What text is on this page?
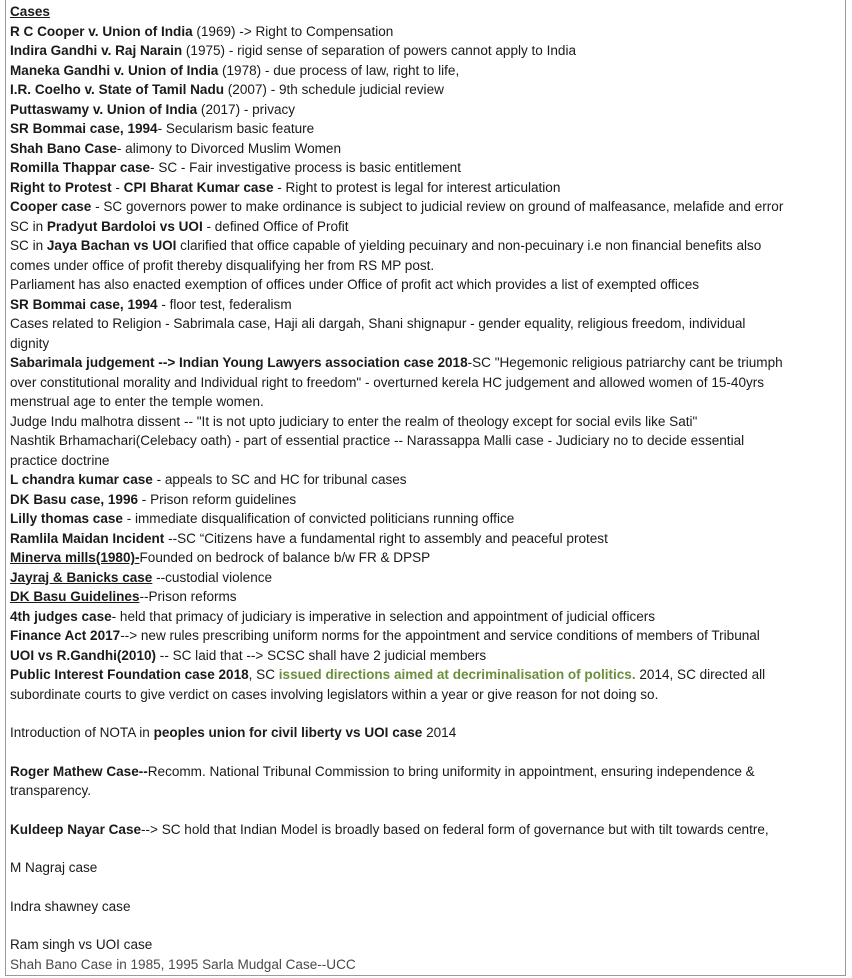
Cases
R C Cooper v. Union of India (1969) -> Right to Compensation
Indira Gandhi v. Raj Narain (1975) - rigid sense of separation of powers cannot apply to India
Maneka Gandhi v. Union of India (1978) - due process of law, right to life,
I.R. Coelho v. State of Tamil Nadu (2007) - 9th schedule judicial review
Puttaswamy v. Union of India (2017) - privacy
SR Bommai case, 1994- Secularism basic feature
Shah Bano Case- alimony to Divorced Muslim Women
Romilla Thappar case- SC - Fair investigative process is basic entitlement
Right to Protest - CPI Bharat Kumar case - Right to protest is legal for interest articulation
Cooper case - SC governors power to make ordinance is subject to judicial review on ground of malfeasance, melafide and error
SC in Pradyut Bardoloi vs UOI - defined Office of Profit
SC in Jaya Bachan vs UOI clarified that office capable of yielding pecuinary and non-pecuinary i.e non financial benefits also
comes under office of profit thereby disqualifying her from RS MP post.
Parliament has also enacted exemption of offices under Office of profit act which provides a list of exempted offices
SR Bommai case, 1994 - floor test, federalism
Cases related to Religion - Sabrimala case, Haji ali dargah, Shani shignapur - gender equality, religious freedom, individual
dignity
Sabarimala judgement --> Indian Young Lawyers association case 2018-SC "Hegemonic religious patriarchy cant be triumph
over constitutional morality and Individual right to freedom" - overturned kerela HC judgement and allowed women of 15-40yrs
menstrual age to enter the temple women.
Judge Indu malhotra dissent -- "It is not upto judiciary to enter the realm of theology except for social evils like Sati"
Nashtik Brhamachari(Celebacy oath) - part of essential practice -- Narassappa Malli case - Judiciary no to decide essential
practice doctrine
L chandra kumar case - appeals to SC and HC for tribunal cases
DK Basu case, 1996 - Prison reform guidelines
Lilly thomas case - immediate disqualification of convicted politicians running office
Ramlila Maidan Incident --SC “Citizens have a fundamental right to assembly and peaceful protest
Minerva mills(1980)-Founded on bedrock of balance b/w FR & DPSP
Jayraj & Banicks case --custodial violence
DK Basu Guidelines--Prison reforms
4th judges case- held that primacy of judiciary is imperative in selection and appointment of judicial officers
Finance Act 2017--> new rules prescribing uniform norms for the appointment and service conditions of members of Tribunal
UOI vs R.Gandhi(2010) -- SC laid that --> SCSC shall have 2 judicial members
Public Interest Foundation case 2018, SC issued directions aimed at decriminalisation of politics. 2014, SC directed all
subordinate courts to give verdict on cases involving legislators within a year or give reason for not doing so.
Introduction of NOTA in peoples union for civil liberty vs UOI case 2014
Roger Mathew Case--Recomm. National Tribunal Commission to bring uniformity in appointment, ensuring independence &
transparency.
Kuldeep Nayar Case--> SC hold that Indian Model is broadly based on federal form of governance but with tilt towards centre,
M Nagraj case
Indra shawney case
Ram singh vs UOI case
Shah Bano Case in 1985, 1995 Sarla Mudgal Case--UCC
